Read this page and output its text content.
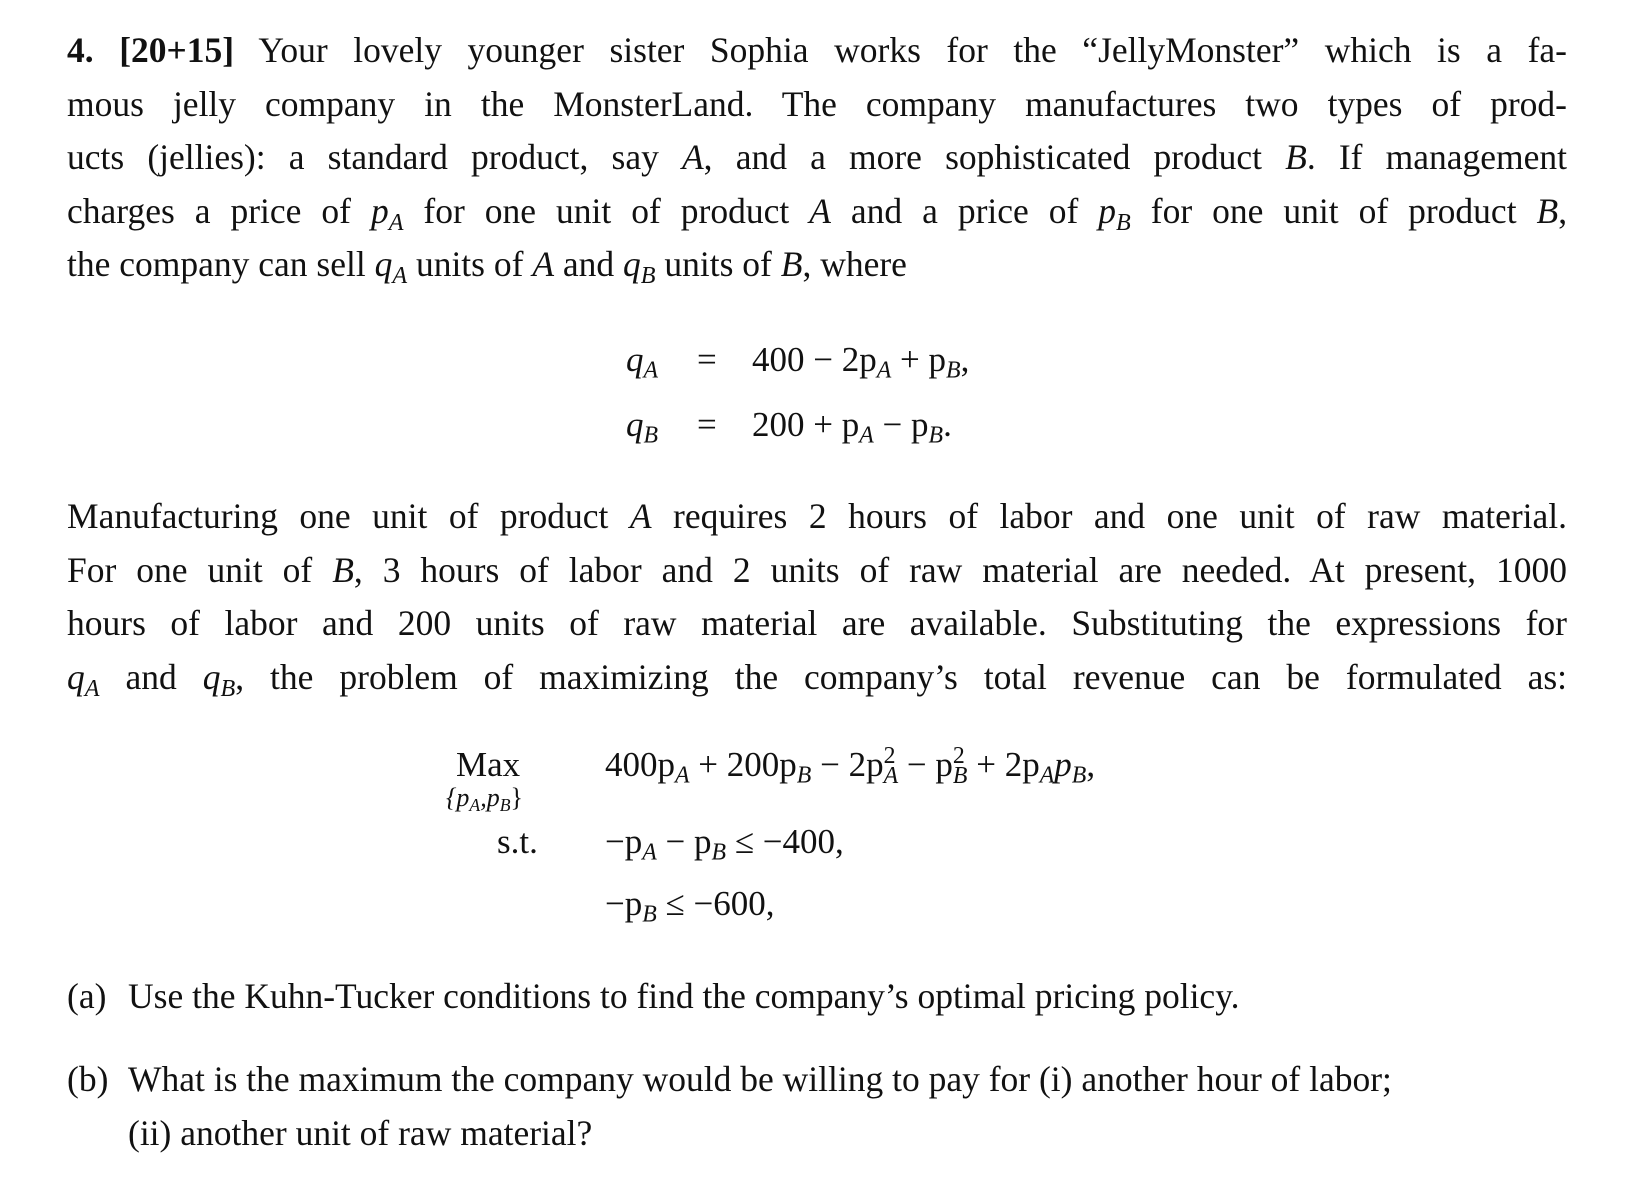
4. [20+15] Your lovely younger sister Sophia works for the “JellyMonster” which is a fa-
mous jelly company in the MonsterLand. The company manufactures two types of prod-
ucts (jellies): a standard product, say A, and a more sophisticated product B. If management
charges a price of $p_A$ for one unit of product A and a price of $p_B$ for one unit of product B,
the company can sell $q_A$ units of A and $q_B$ units of B, where
$q_A = 400 - 2p_A + p_B$,
$q_B = 200 + p_A - p_B$.
Manufacturing one unit of product A requires 2 hours of labor and one unit of raw material.
For one unit of B, 3 hours of labor and 2 units of raw material are needed. At present, 1000
hours of labor and 200 units of raw material are available. Substituting the expressions for
$q_A$ and $q_B$, the problem of maximizing the company’s total revenue can be formulated as:
Max
$\{p_A,p_B\}$
$400p_A + 200p_B - 2p^2_A - p^2_B + 2p_Ap_B$,
s.t. $-p_A - p_B \le -400$,
$-p_B \le -600$,
(a) Use the Kuhn-Tucker conditions to find the company’s optimal pricing policy.
(b) What is the maximum the company would be willing to pay for (i) another hour of labor;
(ii) another unit of raw material?
